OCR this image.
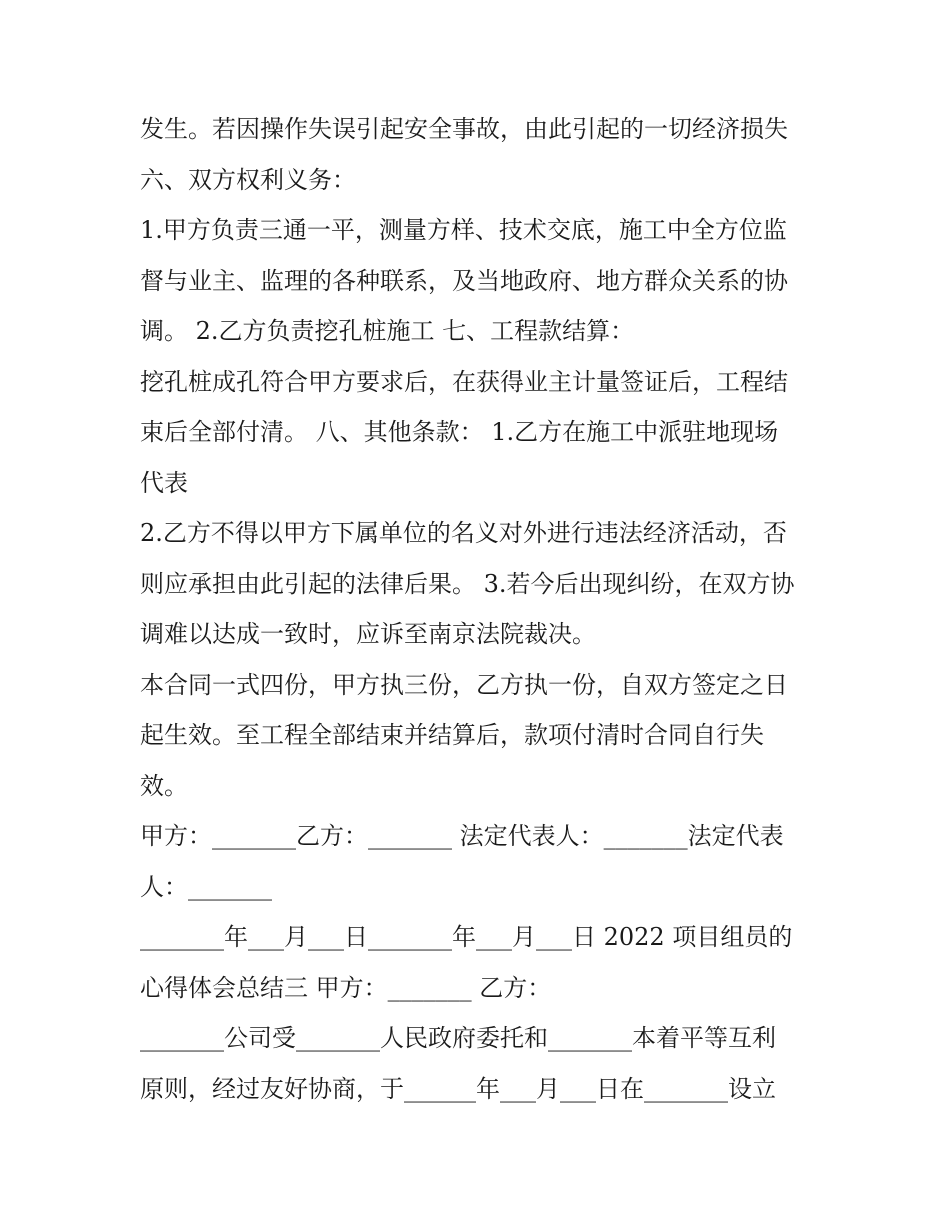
发生。若因操作失误引起安全事故，由此引起的一切经济损失
六、双方权利义务：
1.甲方负责三通一平，测量方样、技术交底，施工中全方位监
督与业主、监理的各种联系，及当地政府、地方群众关系的协
调。 2.乙方负责挖孔桩施工 七、工程款结算：
挖孔桩成孔符合甲方要求后，在获得业主计量签证后，工程结
束后全部付清。 八、其他条款： 1.乙方在施工中派驻地现场
代表
2.乙方不得以甲方下属单位的名义对外进行违法经济活动，否
则应承担由此引起的法律后果。 3.若今后出现纠纷，在双方协
调难以达成一致时，应诉至南京法院裁决。
本合同一式四份，甲方执三份，乙方执一份，自双方签定之日
起生效。至工程全部结束并结算后，款项付清时合同自行失
效。
甲方：_______乙方：_______ 法定代表人：_______法定代表
人：_______
_______年___月___日_______年___月___日 2022 项目组员的
心得体会总结三 甲方：_______ 乙方：
_______公司受_______人民政府委托和_______本着平等互利
原则，经过友好协商，于______年___月___日在_______设立
